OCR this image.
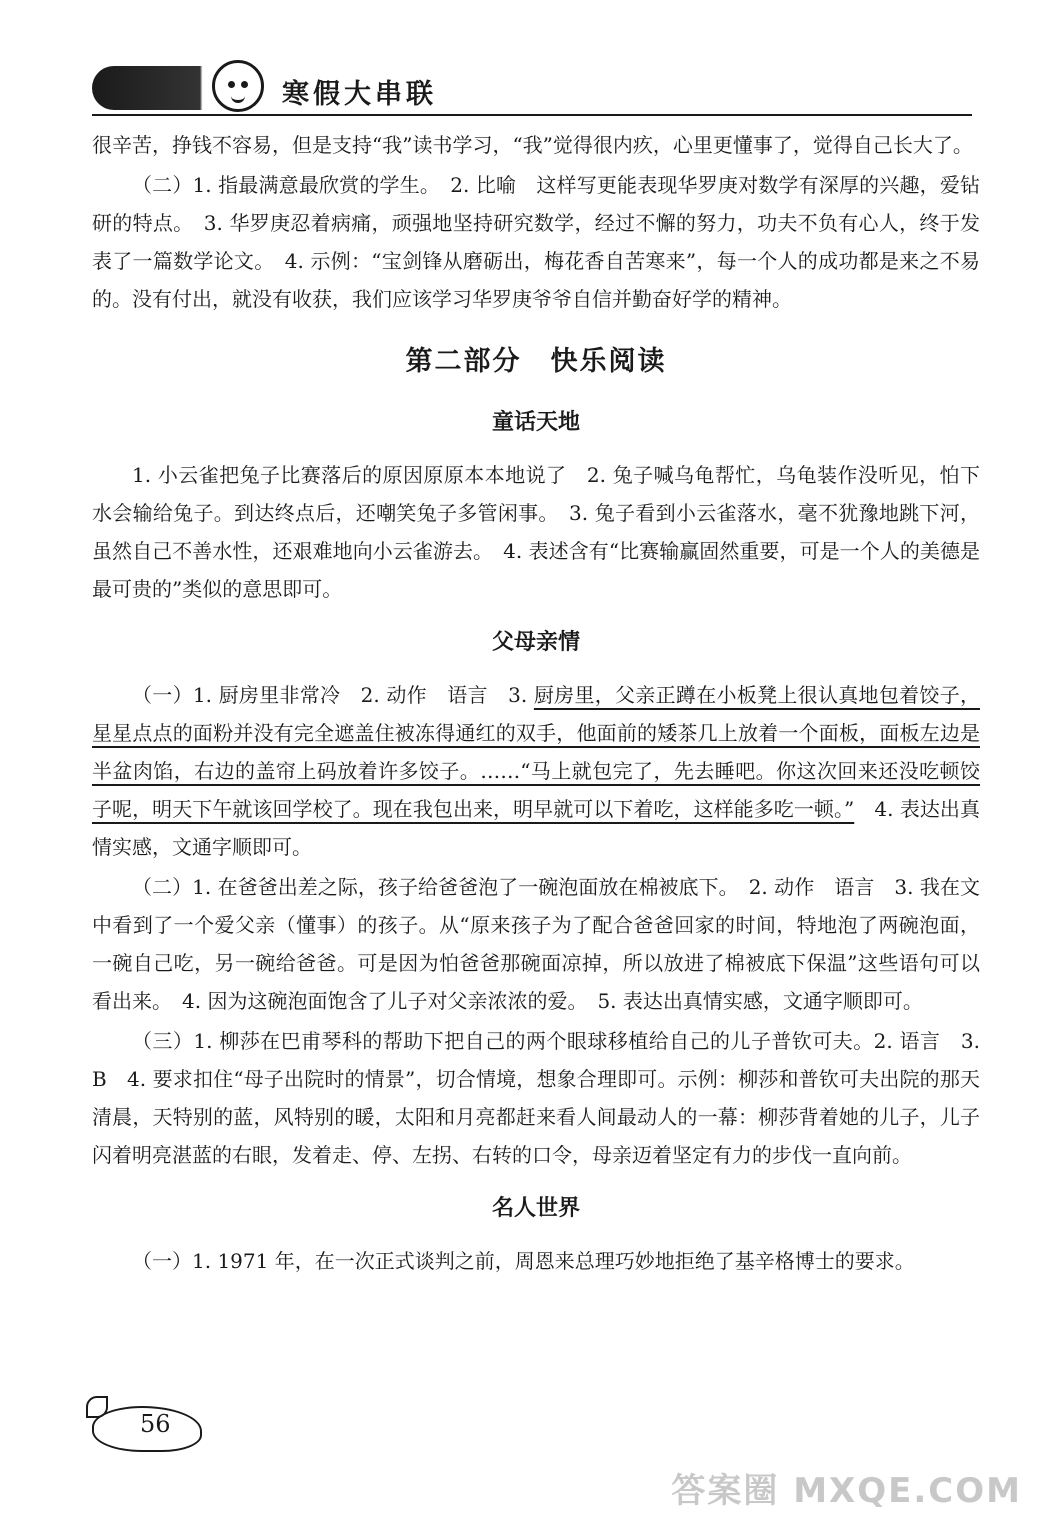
寒假大串联

很辛苦，挣钱不容易，但是支持“我”读书学习，“我”觉得很内疚，心里更懂事了，觉得自己长大了。

（二）1. 指最满意最欣赏的学生。　2. 比喻　这样写更能表现华罗庚对数学有深厚的兴趣，爱钻研的特点。　3. 华罗庚忍着病痛，顽强地坚持研究数学，经过不懈的努力，功夫不负有心人，终于发表了一篇数学论文。　4. 示例：“宝剑锋从磨砺出，梅花香自苦寒来”，每一个人的成功都是来之不易的。没有付出，就没有收获，我们应该学习华罗庚爷爷自信并勤奋好学的精神。

第二部分　快乐阅读
童话天地

1. 小云雀把兔子比赛落后的原因原原本本地说了　2. 兔子喊乌龟帮忙，乌龟装作没听见，怕下水会输给兔子。到达终点后，还嘲笑兔子多管闲事。　3. 兔子看到小云雀落水，毫不犹豫地跳下河，虽然自己不善水性，还艰难地向小云雀游去。　4. 表述含有“比赛输赢固然重要，可是一个人的美德是最可贵的”类似的意思即可。

父母亲情

（一）1. 厨房里非常冷　2. 动作　语言　3. 厨房里，父亲正蹲在小板凳上很认真地包着饺子，星星点点的面粉并没有完全遮盖住被冻得通红的双手，他面前的矮茶几上放着一个面板，面板左边是半盆肉馅，右边的盖帘上码放着许多饺子。……“马上就包完了，先去睡吧。你这次回来还没吃顿饺子呢，明天下午就该回学校了。现在我包出来，明早就可以下着吃，这样能多吃一顿。”　4. 表达出真情实感，文通字顺即可。

（二）1. 在爸爸出差之际，孩子给爸爸泡了一碗泡面放在棉被底下。　2. 动作　语言　3. 我在文中看到了一个爱父亲（懂事）的孩子。从“原来孩子为了配合爸爸回家的时间，特地泡了两碗泡面，一碗自己吃，另一碗给爸爸。可是因为怕爸爸那碗面凉掉，所以放进了棉被底下保温”这些语句可以看出来。　4. 因为这碗泡面饱含了儿子对父亲浓浓的爱。　5. 表达出真情实感，文通字顺即可。

（三）1. 柳莎在巴甫琴科的帮助下把自己的两个眼球移植给自己的儿子普钦可夫。2. 语言　3. B　4. 要求扣住“母子出院时的情景”，切合情境，想象合理即可。示例：柳莎和普钦可夫出院的那天清晨，天特别的蓝，风特别的暖，太阳和月亮都赶来看人间最动人的一幕：柳莎背着她的儿子，儿子闪着明亮湛蓝的右眼，发着走、停、左拐、右转的口令，母亲迈着坚定有力的步伐一直向前。

名人世界

（一）1. 1971 年，在一次正式谈判之前，周恩来总理巧妙地拒绝了基辛格博士的要求。

56
答案圈 MXQE.COM
